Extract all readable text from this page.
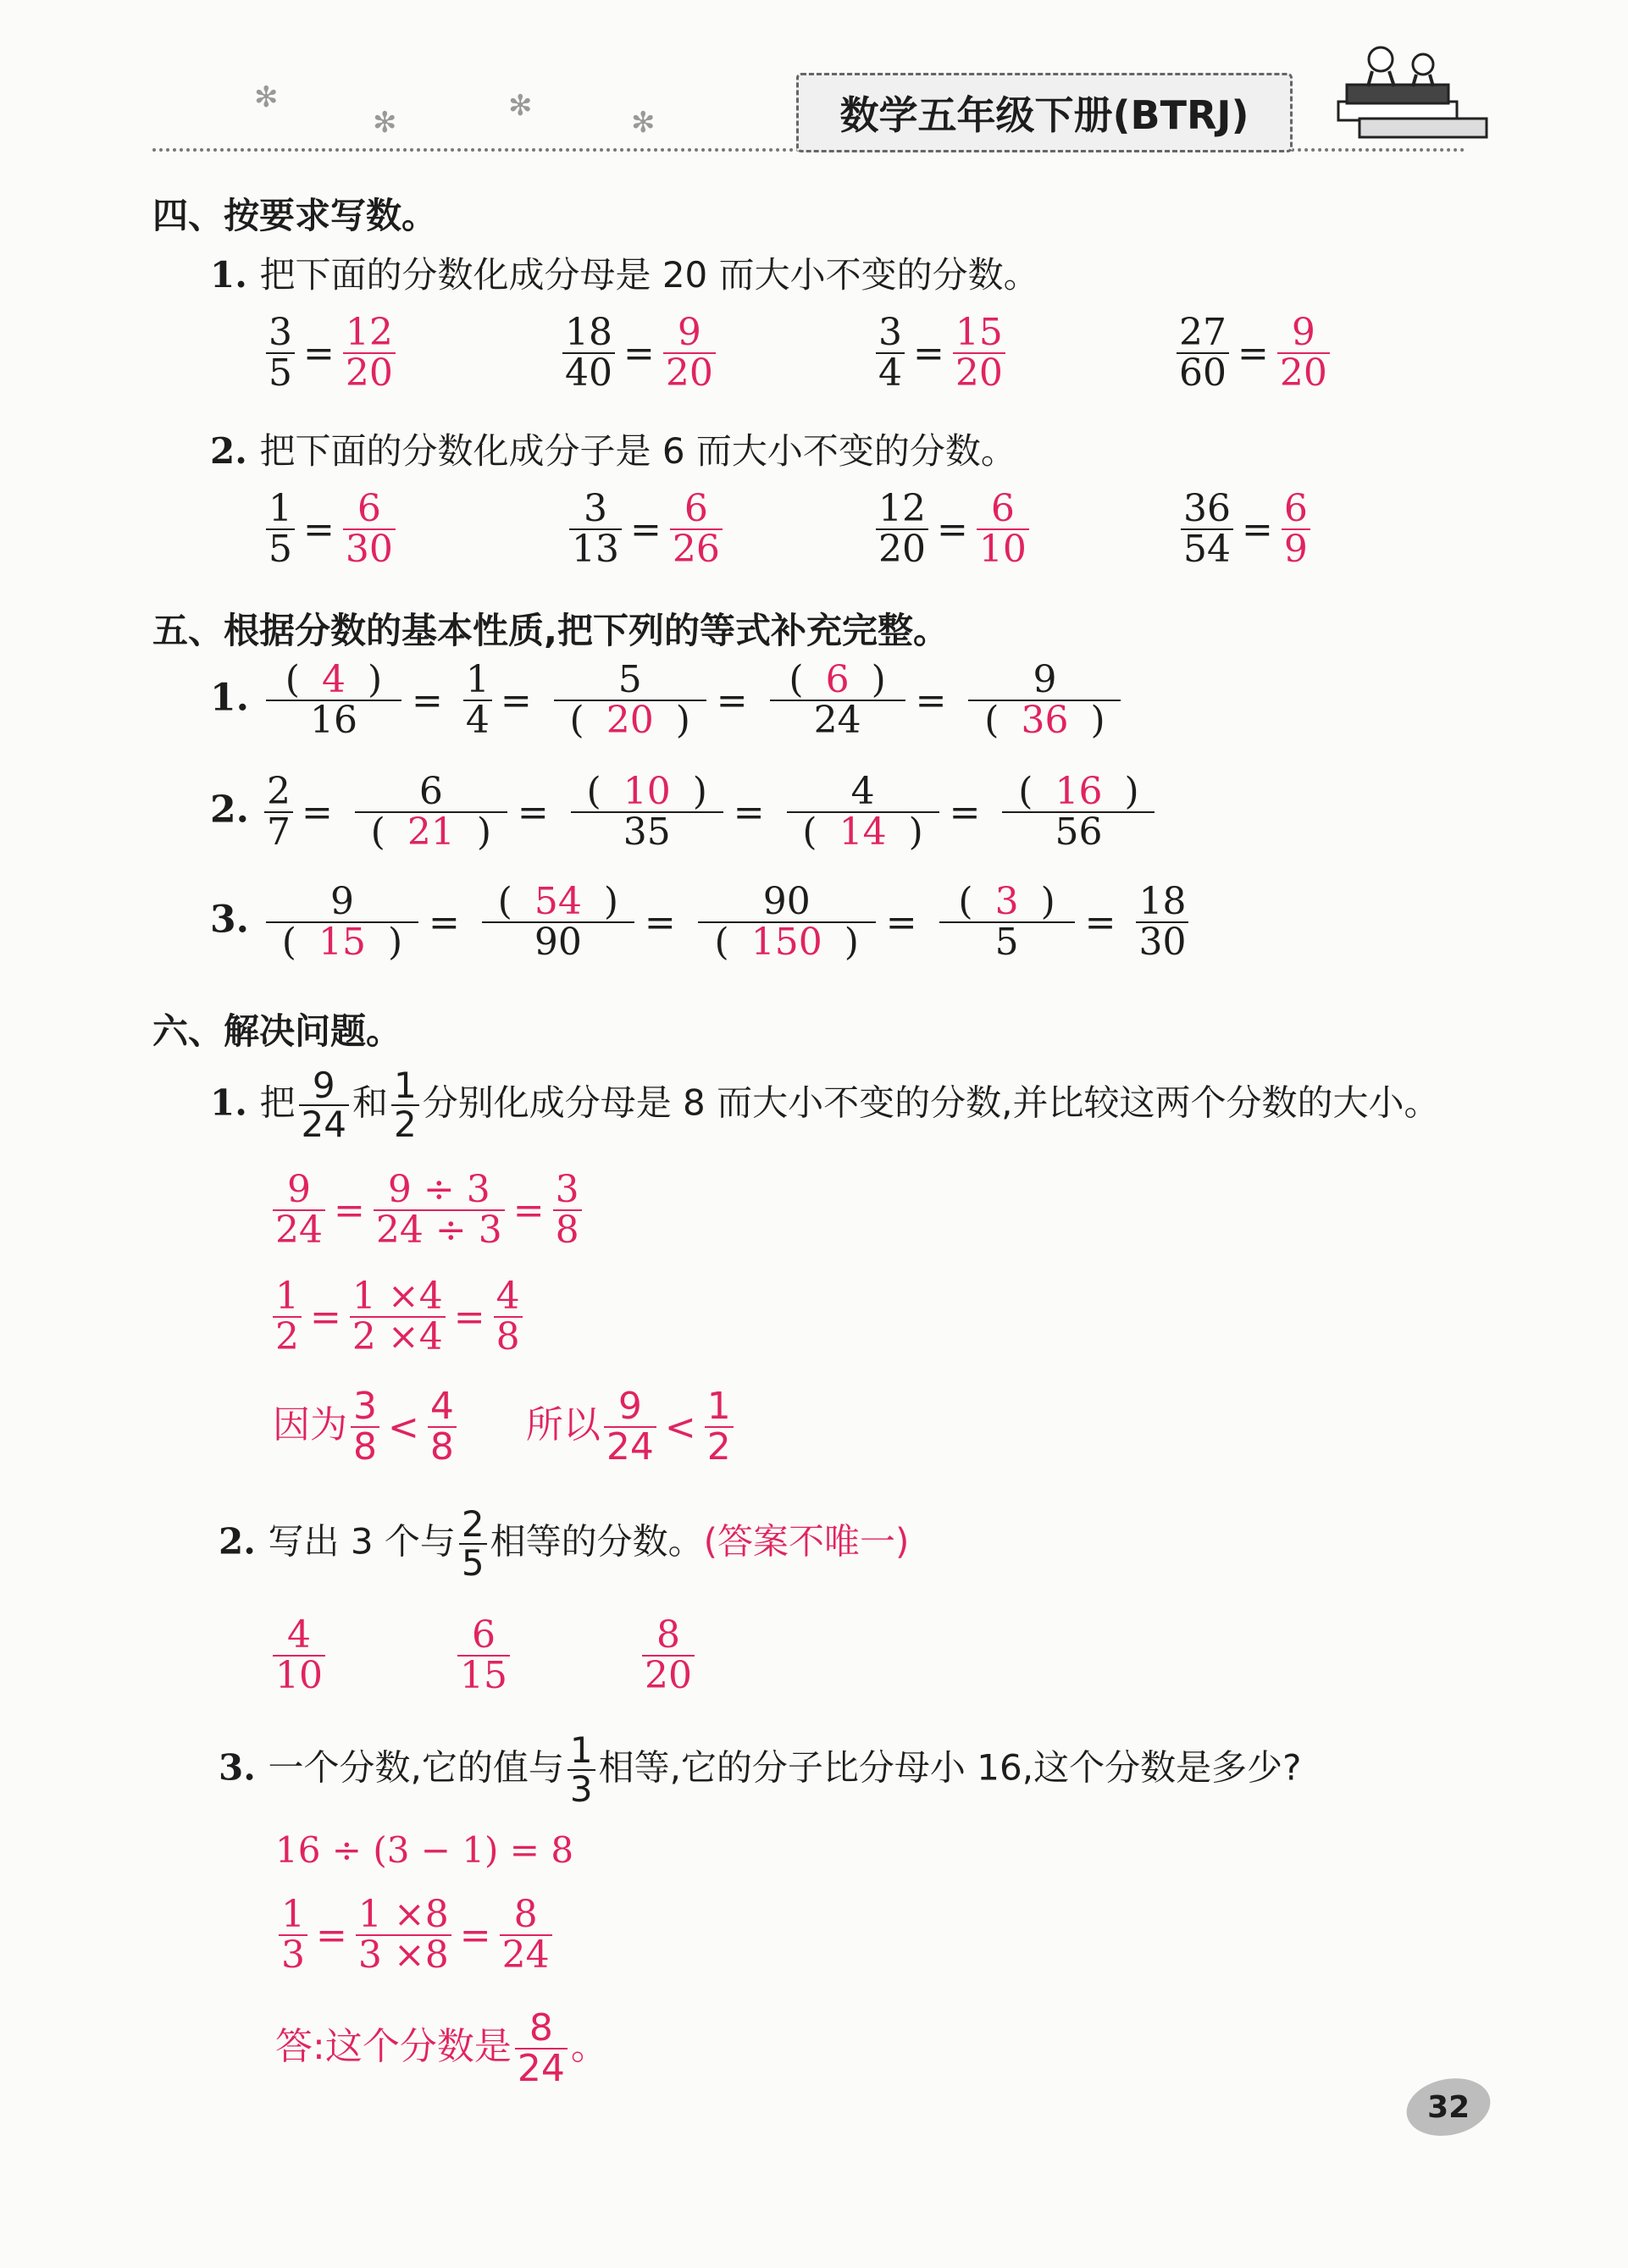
✻
✻	✻	✻	数学五年级下册(BTRJ)
四、按要求写数。
1. 把下面的分数化成分母是 20 而大小不变的分数。
$\frac{3}{5} = \frac{12}{20}$	$\frac{18}{40} = \frac{9}{20}$	$\frac{3}{4} = \frac{15}{20}$	$\frac{27}{60} = \frac{9}{20}$
2. 把下面的分数化成分子是 6 而大小不变的分数。
$\frac{1}{5} = \frac{6}{30}$	$\frac{3}{13} = \frac{6}{26}$	$\frac{12}{20} = \frac{6}{10}$	$\frac{36}{54} = \frac{6}{9}$
五、根据分数的基本性质,把下列的等式补充完整。
1. $\frac{( 4 )}{16} = \frac{1}{4} = \frac{5}{( 20 )} = \frac{( 6 )}{24} = \frac{9}{( 36 )}$
2. $\frac{2}{7} = \frac{6}{( 21 )} = \frac{( 10 )}{35} = \frac{4}{( 14 )} = \frac{( 16 )}{56}$
3. $\frac{9}{( 15 )} = \frac{( 54 )}{90} = \frac{90}{( 150 )} = \frac{( 3 )}{5} = \frac{18}{30}$
六、解决问题。
1. 把 $\frac{9}{24}$ 和 $\frac{1}{2}$ 分别化成分母是 8 而大小不变的分数,并比较这两个分数的大小。
$\frac{9}{24} = \frac{9 \div 3}{24 \div 3} = \frac{3}{8}$
$\frac{1}{2} = \frac{1 \times 4}{2 \times 4} = \frac{4}{8}$
因为 $\frac{3}{8} < \frac{4}{8}$ 所以 $\frac{9}{24} < \frac{1}{2}$
2. 写出 3 个与 $\frac{2}{5}$ 相等的分数。(答案不唯一)
$\frac{4}{10}$
	$\frac{6}{15}$
	$\frac{8}{20}$
3. 一个分数,它的值与 $\frac{1}{3}$ 相等,它的分子比分母小 16,这个分数是多少?
16 ÷ (3 − 1) = 8
$\frac{1}{3} = \frac{1 \times 8}{3 \times 8} = \frac{8}{24}$
答:这个分数是 $\frac{8}{24}$ 。
32
